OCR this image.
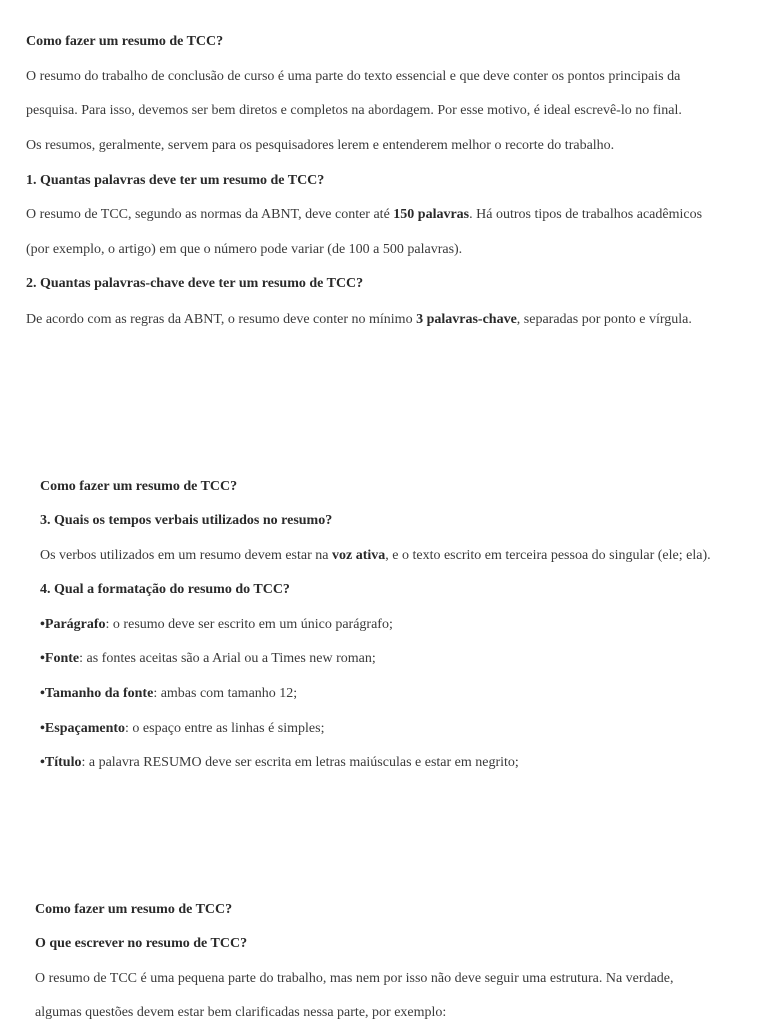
Como fazer um resumo de TCC?
O resumo do trabalho de conclusão de curso é uma parte do texto essencial e que deve conter os pontos principais da
pesquisa. Para isso, devemos ser bem diretos e completos na abordagem. Por esse motivo, é ideal escrevê-lo no final.
Os resumos, geralmente, servem para os pesquisadores lerem e entenderem melhor o recorte do trabalho.
1. Quantas palavras deve ter um resumo de TCC?
O resumo de TCC, segundo as normas da ABNT, deve conter até 150 palavras. Há outros tipos de trabalhos acadêmicos
(por exemplo, o artigo) em que o número pode variar (de 100 a 500 palavras).
2. Quantas palavras-chave deve ter um resumo de TCC?
De acordo com as regras da ABNT, o resumo deve conter no mínimo 3 palavras-chave, separadas por ponto e vírgula.
Como fazer um resumo de TCC?
3. Quais os tempos verbais utilizados no resumo?
Os verbos utilizados em um resumo devem estar na voz ativa, e o texto escrito em terceira pessoa do singular (ele; ela).
4. Qual a formatação do resumo do TCC?
•Parágrafo: o resumo deve ser escrito em um único parágrafo;
•Fonte: as fontes aceitas são a Arial ou a Times new roman;
•Tamanho da fonte: ambas com tamanho 12;
•Espaçamento: o espaço entre as linhas é simples;
•Título: a palavra RESUMO deve ser escrita em letras maiúsculas e estar em negrito;
Como fazer um resumo de TCC?
O que escrever no resumo de TCC?
O resumo de TCC é uma pequena parte do trabalho, mas nem por isso não deve seguir uma estrutura. Na verdade,
algumas questões devem estar bem clarificadas nessa parte, por exemplo:
